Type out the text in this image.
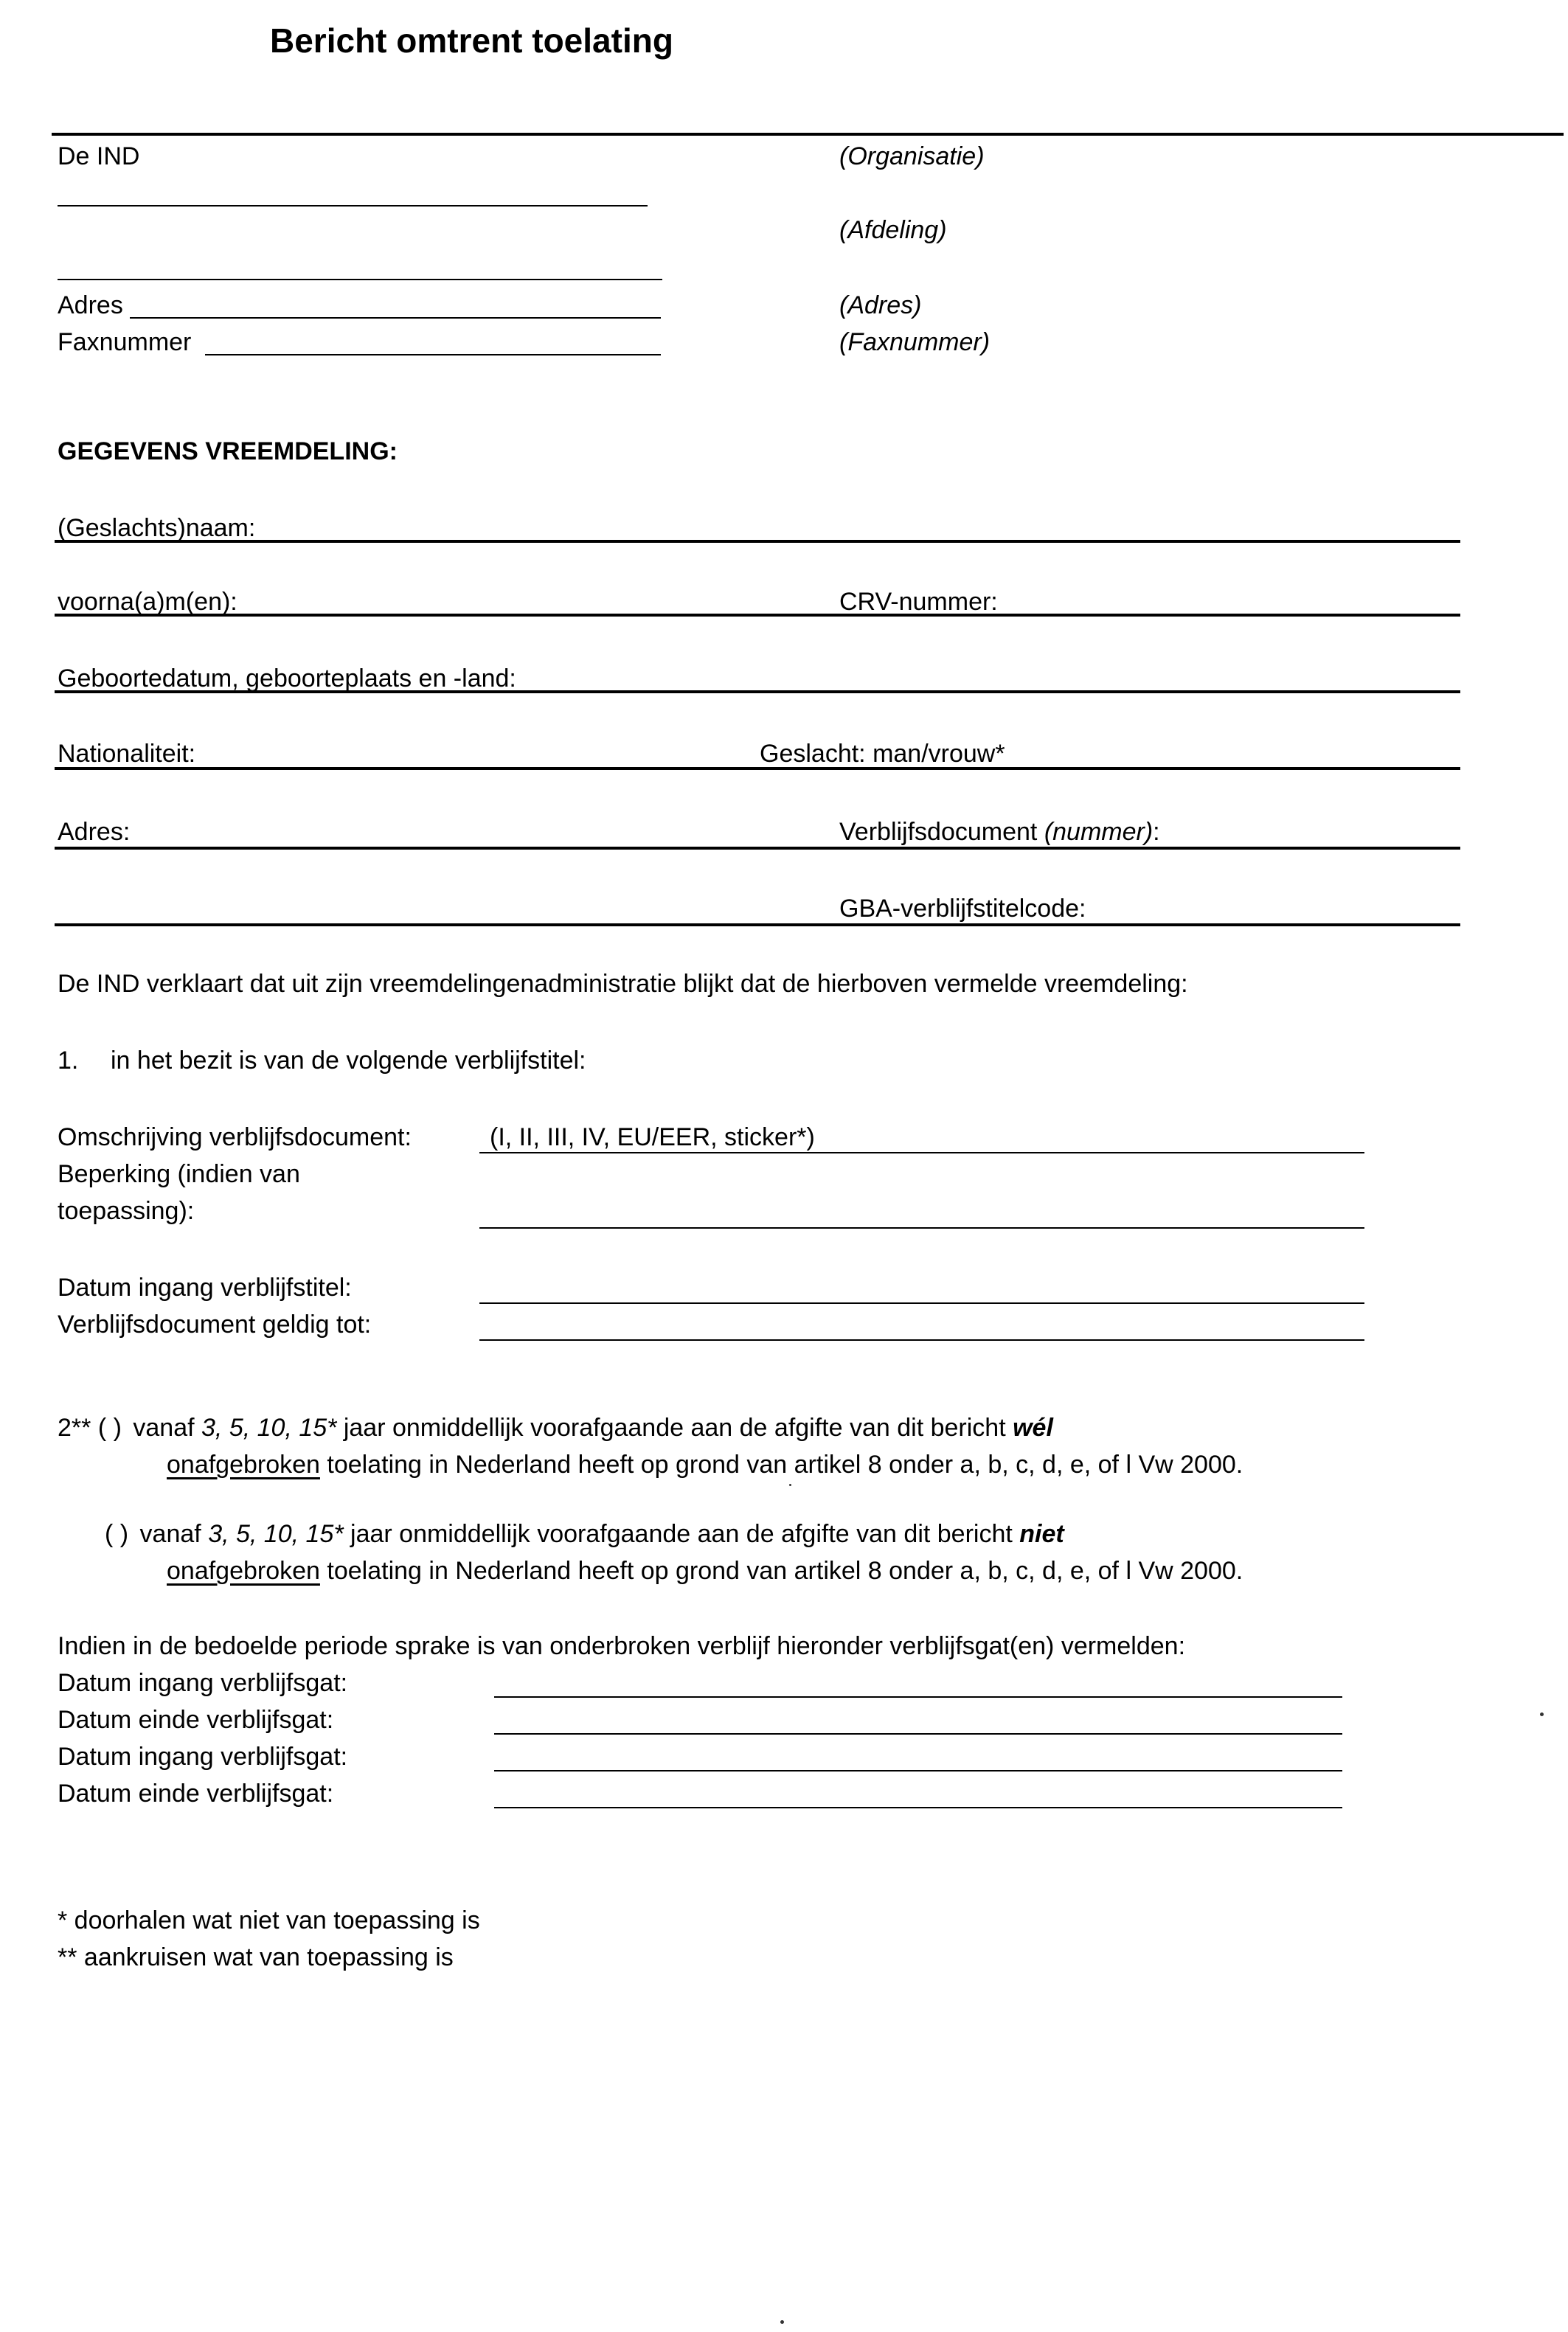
Bericht omtrent toelating
De IND	(Organisatie)
(Afdeling)
Adres	(Adres)
Faxnummer	(Faxnummer)
GEGEVENS VREEMDELING:
(Geslachts)naam:
voorna(a)m(en):	CRV-nummer:
Geboortedatum, geboorteplaats en -land:
Nationaliteit:	Geslacht: man/vrouw*
Adres:	Verblijfsdocument (nummer):
GBA-verblijfstitelcode:
De IND verklaart dat uit zijn vreemdelingenadministratie blijkt dat de hierboven vermelde vreemdeling:
1. in het bezit is van de volgende verblijfstitel:
Omschrijving verblijfsdocument:	(I, II, III, IV, EU/EER, sticker*)
Beperking (indien van
toepassing):
Datum ingang verblijfstitel:
Verblijfsdocument geldig tot:
2** ( ) vanaf 3, 5, 10, 15* jaar onmiddellijk voorafgaande aan de afgifte van dit bericht wél
onafgebroken toelating in Nederland heeft op grond van artikel 8 onder a, b, c, d, e, of l Vw 2000.
( ) vanaf 3, 5, 10, 15* jaar onmiddellijk voorafgaande aan de afgifte van dit bericht niet
onafgebroken toelating in Nederland heeft op grond van artikel 8 onder a, b, c, d, e, of l Vw 2000.
Indien in de bedoelde periode sprake is van onderbroken verblijf hieronder verblijfsgat(en) vermelden:
Datum ingang verblijfsgat:
Datum einde verblijfsgat:
Datum ingang verblijfsgat:
Datum einde verblijfsgat:
* doorhalen wat niet van toepassing is
** aankruisen wat van toepassing is
